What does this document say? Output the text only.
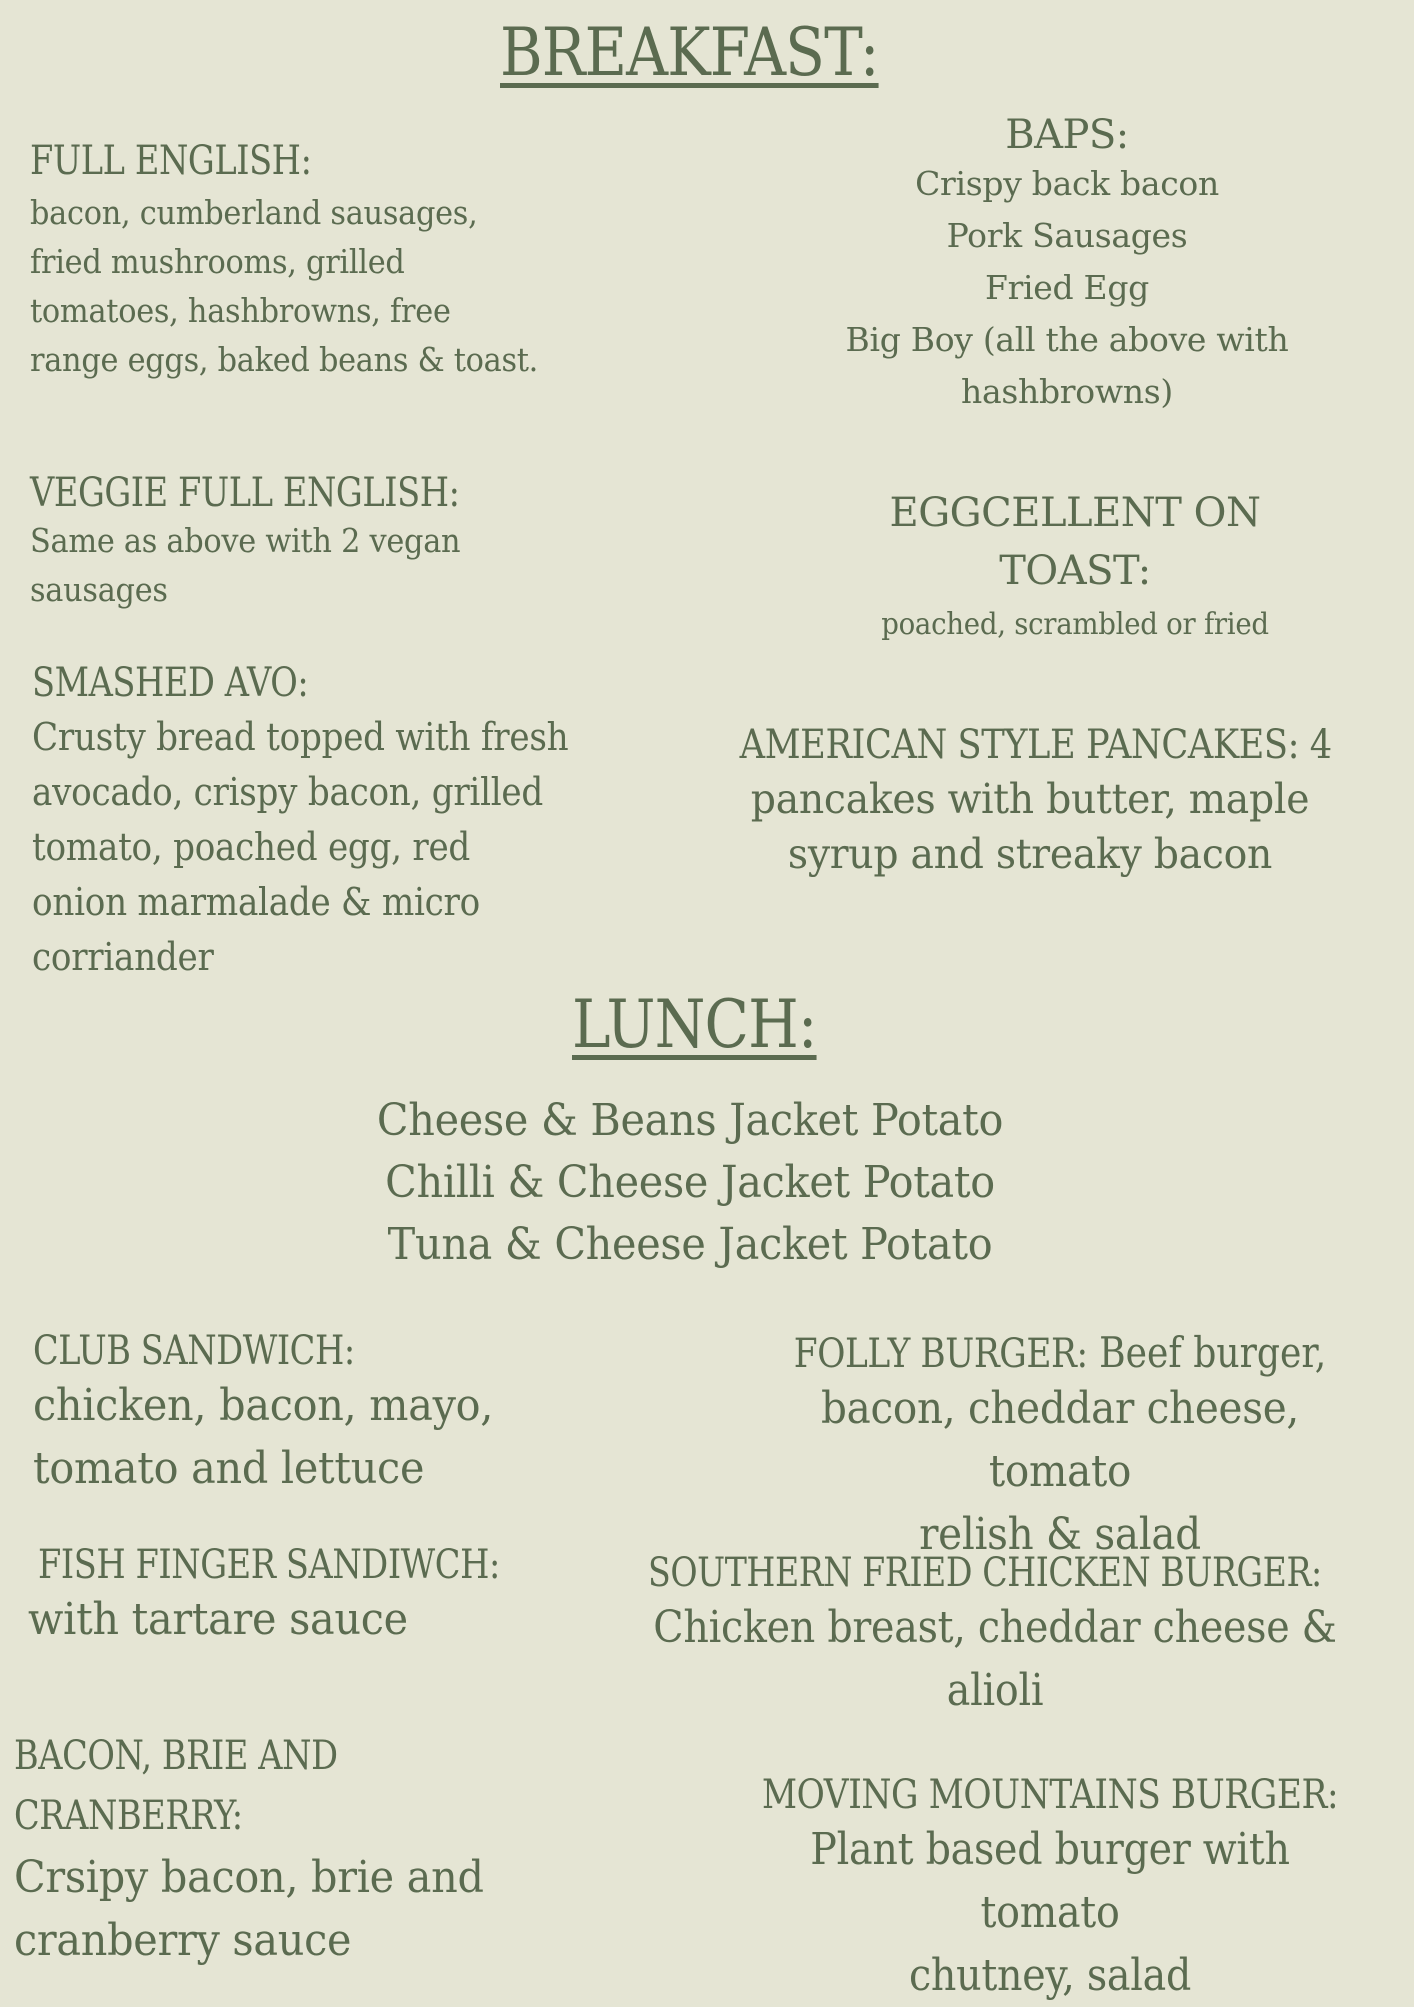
BREAKFAST:
FULL ENGLISH:
bacon, cumberland sausages,
fried mushrooms, grilled
tomatoes, hashbrowns, free
range eggs, baked beans & toast.
BAPS:
Crispy back bacon
Pork Sausages
Fried Egg
Big Boy (all the above with
hashbrowns)
VEGGIE FULL ENGLISH:
Same as above with 2 vegan
sausages
EGGCELLENT ON
TOAST:
poached, scrambled or fried
SMASHED AVO:
Crusty bread topped with fresh
avocado, crispy bacon, grilled
tomato, poached egg, red
onion marmalade & micro
corriander
AMERICAN STYLE PANCAKES: 4
pancakes with butter, maple
syrup and streaky bacon
LUNCH:
Cheese & Beans Jacket Potato
Chilli & Cheese Jacket Potato
Tuna & Cheese Jacket Potato
CLUB SANDWICH:
chicken, bacon, mayo,
tomato and lettuce
FOLLY BURGER: Beef burger,
bacon, cheddar cheese, tomato
relish & salad
FISH FINGER SANDIWCH:
with tartare sauce
SOUTHERN FRIED CHICKEN BURGER:
Chicken breast, cheddar cheese &
alioli
BACON, BRIE AND
CRANBERRY:
Crsipy bacon, brie and
cranberry sauce
MOVING MOUNTAINS BURGER:
Plant based burger with tomato
chutney, salad
